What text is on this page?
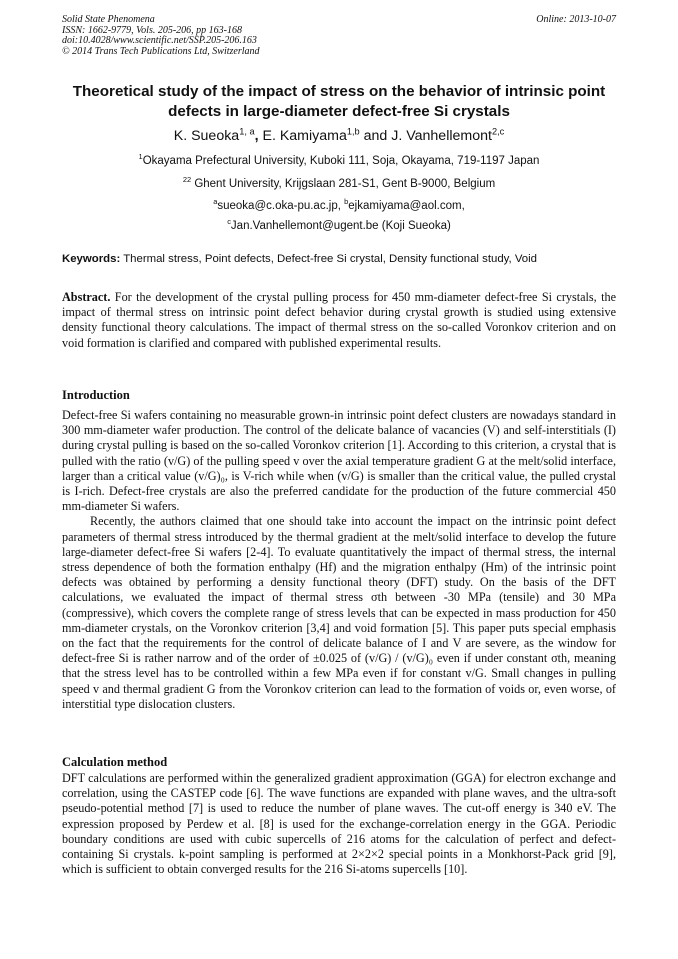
Solid State Phenomena
ISSN: 1662-9779, Vols. 205-206, pp 163-168
doi:10.4028/www.scientific.net/SSP.205-206.163
© 2014 Trans Tech Publications Ltd, Switzerland
Online: 2013-10-07
Theoretical study of the impact of stress on the behavior of intrinsic point defects in large-diameter defect-free Si crystals
K. Sueoka$^{1, a}$, E. Kamiyama$^{1,b}$ and J. Vanhellemont$^{2,c}$
$^1$Okayama Prefectural University, Kuboki 111, Soja, Okayama, 719-1197 Japan
$^{22}$ Ghent University, Krijgslaan 281-S1, Gent B-9000, Belgium
$^a$sueoka@c.oka-pu.ac.jp, $^b$ejkamiyama@aol.com,
$^c$Jan.Vanhellemont@ugent.be (Koji Sueoka)
Keywords: Thermal stress, Point defects, Defect-free Si crystal, Density functional study, Void
Abstract. For the development of the crystal pulling process for 450 mm-diameter defect-free Si crystals, the impact of thermal stress on intrinsic point defect behavior during crystal growth is studied using extensive density functional theory calculations. The impact of thermal stress on the so-called Voronkov criterion and on void formation is clarified and compared with published experimental results.
Introduction

Defect-free Si wafers containing no measurable grown-in intrinsic point defect clusters are nowadays standard in 300 mm-diameter wafer production. The control of the delicate balance of vacancies (V) and self-interstitials (I) during crystal pulling is based on the so-called Voronkov criterion [1]. According to this criterion, a crystal that is pulled with the ratio (v/G) of the pulling speed v over the axial temperature gradient G at the melt/solid interface, larger than a critical value (v/G)₀, is V-rich while when (v/G) is smaller than the critical value, the pulled crystal is I-rich. Defect-free crystals are also the preferred candidate for the production of the future commercial 450 mm-diameter Si wafers.

Recently, the authors claimed that one should take into account the impact on the intrinsic point defect parameters of thermal stress introduced by the thermal gradient at the melt/solid interface to develop the future large-diameter defect-free Si wafers [2-4]. To evaluate quantitatively the impact of thermal stress, the internal stress dependence of both the formation enthalpy (Hf) and the migration enthalpy (Hm) of the intrinsic point defects was obtained by performing a density functional theory (DFT) study. On the basis of the DFT calculations, we evaluated the impact of thermal stress σth between -30 MPa (tensile) and 30 MPa (compressive), which covers the complete range of stress levels that can be expected in mass production for 450 mm-diameter crystals, on the Voronkov criterion [3,4] and void formation [5]. This paper puts special emphasis on the fact that the requirements for the control of delicate balance of I and V are severe, as the window for defect-free Si is rather narrow and of the order of ±0.025 of (v/G) / (v/G)₀ even if under constant σth, meaning that the stress level has to be controlled within a few MPa even if for constant v/G. Small changes in pulling speed v and thermal gradient G from the Voronkov criterion can lead to the formation of voids or, even worse, of interstitial type dislocation clusters.

Calculation method

DFT calculations are performed within the generalized gradient approximation (GGA) for electron exchange and correlation, using the CASTEP code [6]. The wave functions are expanded with plane waves, and the ultra-soft pseudo-potential method [7] is used to reduce the number of plane waves. The cut-off energy is 340 eV. The expression proposed by Perdew et al. [8] is used for the exchange-correlation energy in the GGA. Periodic boundary conditions are used with cubic supercells of 216 atoms for the calculation of perfect and defect-containing Si crystals. k-point sampling is performed at 2×2×2 special points in a Monkhorst-Pack grid [9], which is sufficient to obtain converged results for the 216 Si-atoms supercells [10].
